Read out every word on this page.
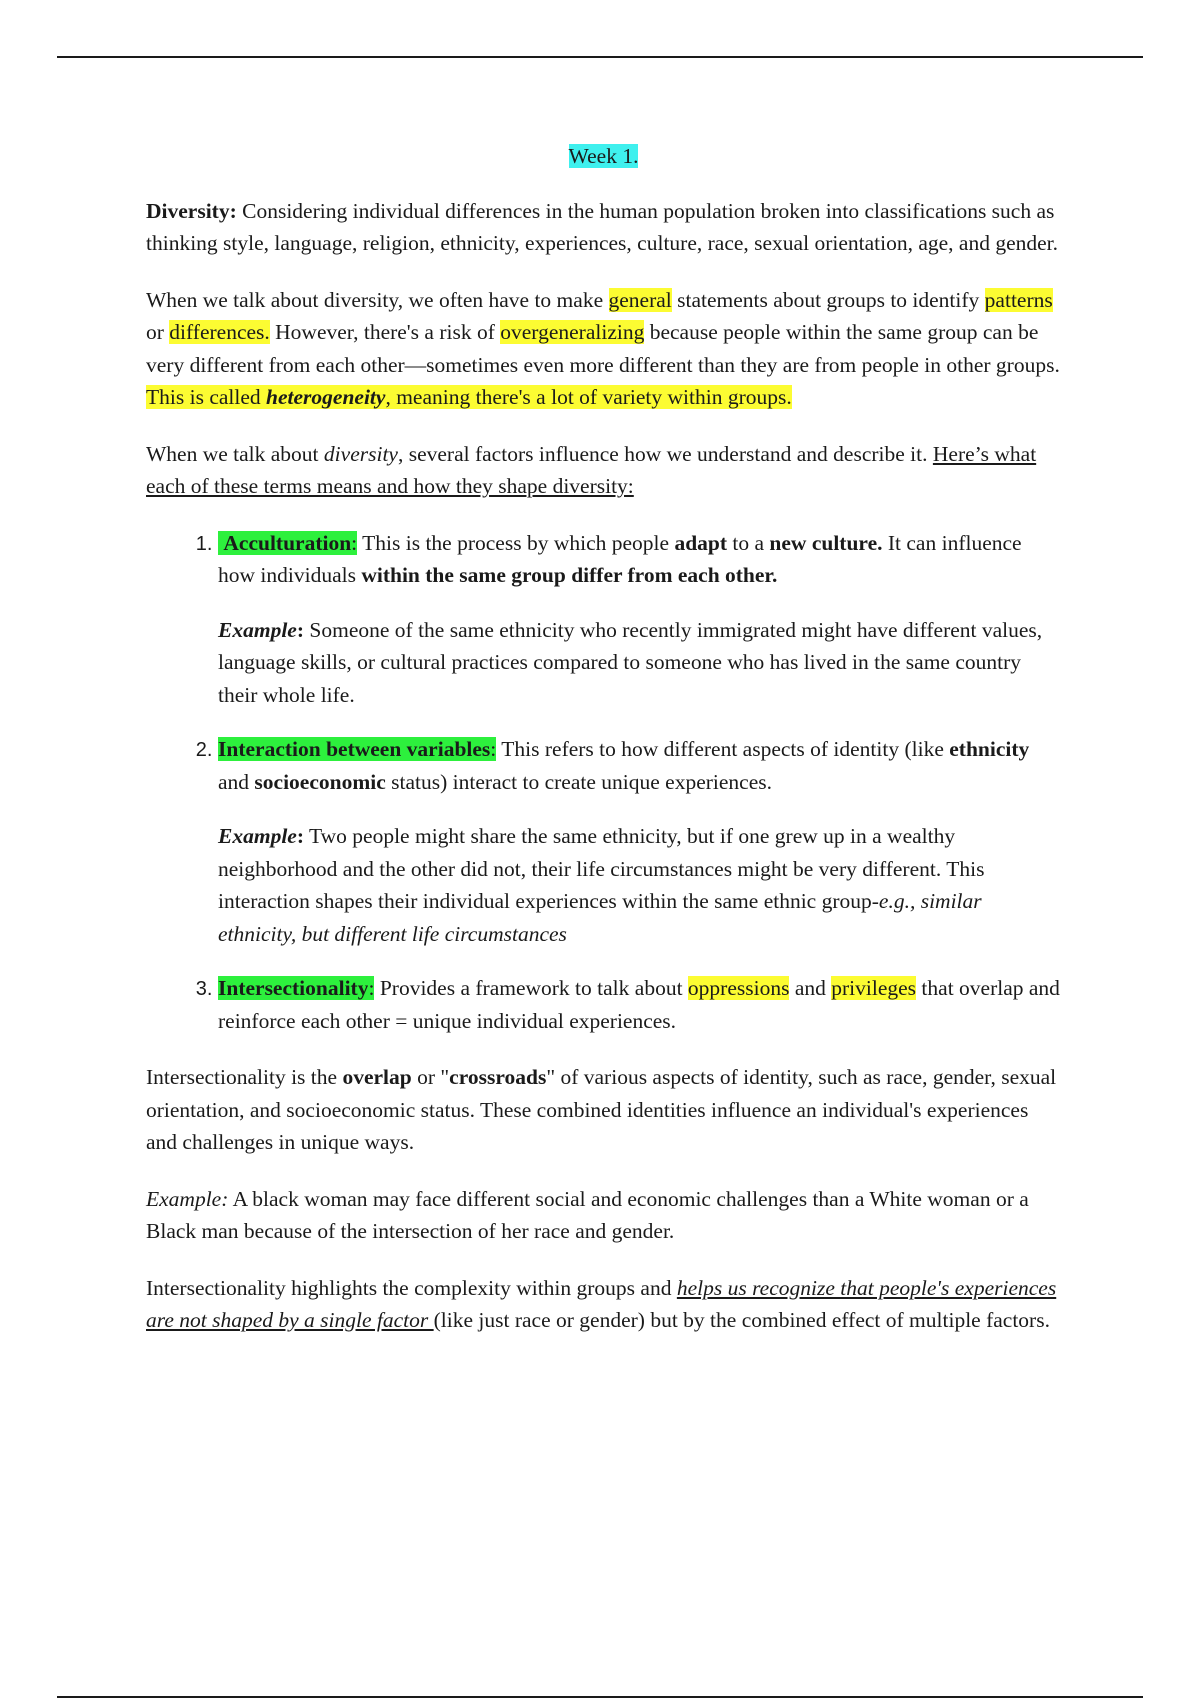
Week 1.

Diversity: Considering individual differences in the human population broken into classifications such as thinking style, language, religion, ethnicity, experiences, culture, race, sexual orientation, age, and gender.

When we talk about diversity, we often have to make general statements about groups to identify patterns or differences. However, there's a risk of overgeneralizing because people within the same group can be very different from each other—sometimes even more different than they are from people in other groups. This is called heterogeneity, meaning there's a lot of variety within groups.

When we talk about diversity, several factors influence how we understand and describe it. Here’s what each of these terms means and how they shape diversity:

1.  Acculturation: This is the process by which people adapt to a new culture. It can influence how individuals within the same group differ from each other.
Example: Someone of the same ethnicity who recently immigrated might have different values, language skills, or cultural practices compared to someone who has lived in the same country their whole life.
2. Interaction between variables: This refers to how different aspects of identity (like ethnicity and socioeconomic status) interact to create unique experiences.
Example: Two people might share the same ethnicity, but if one grew up in a wealthy neighborhood and the other did not, their life circumstances might be very different. This interaction shapes their individual experiences within the same ethnic group-e.g., similar ethnicity, but different life circumstances
3. Intersectionality: Provides a framework to talk about oppressions and privileges that overlap and reinforce each other = unique individual experiences.

Intersectionality is the overlap or "crossroads" of various aspects of identity, such as race, gender, sexual orientation, and socioeconomic status. These combined identities influence an individual's experiences and challenges in unique ways.

Example: A black woman may face different social and economic challenges than a White woman or a Black man because of the intersection of her race and gender.

Intersectionality highlights the complexity within groups and helps us recognize that people's experiences are not shaped by a single factor (like just race or gender) but by the combined effect of multiple factors.
